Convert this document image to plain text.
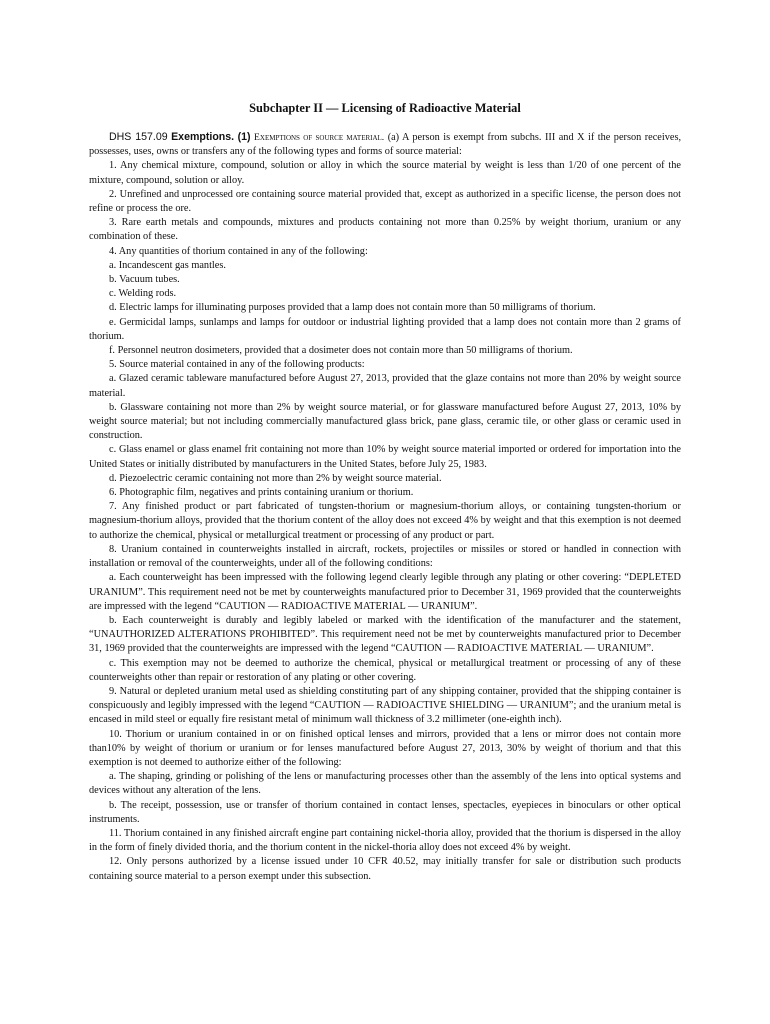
Subchapter II — Licensing of Radioactive Material

DHS 157.09 Exemptions. (1) Exemptions of source material. (a) A person is exempt from subchs. III and X if the person receives, possesses, uses, owns or transfers any of the following types and forms of source material:

1. Any chemical mixture, compound, solution or alloy in which the source material by weight is less than 1/20 of one percent of the mixture, compound, solution or alloy.

2. Unrefined and unprocessed ore containing source material provided that, except as authorized in a specific license, the person does not refine or process the ore.

3. Rare earth metals and compounds, mixtures and products containing not more than 0.25% by weight thorium, uranium or any combination of these.

4. Any quantities of thorium contained in any of the following:

a. Incandescent gas mantles.

b. Vacuum tubes.

c. Welding rods.

d. Electric lamps for illuminating purposes provided that a lamp does not contain more than 50 milligrams of thorium.

e. Germicidal lamps, sunlamps and lamps for outdoor or industrial lighting provided that a lamp does not contain more than 2 grams of thorium.

f. Personnel neutron dosimeters, provided that a dosimeter does not contain more than 50 milligrams of thorium.

5. Source material contained in any of the following products:

a. Glazed ceramic tableware manufactured before August 27, 2013, provided that the glaze contains not more than 20% by weight source material.

b. Glassware containing not more than 2% by weight source material, or for glassware manufactured before August 27, 2013, 10% by weight source material; but not including commercially manufactured glass brick, pane glass, ceramic tile, or other glass or ceramic used in construction.

c. Glass enamel or glass enamel frit containing not more than 10% by weight source material imported or ordered for importation into the United States or initially distributed by manufacturers in the United States, before July 25, 1983.

d. Piezoelectric ceramic containing not more than 2% by weight source material.

6. Photographic film, negatives and prints containing uranium or thorium.

7. Any finished product or part fabricated of tungsten-thorium or magnesium-thorium alloys, or containing tungsten-thorium or magnesium-thorium alloys, provided that the thorium content of the alloy does not exceed 4% by weight and that this exemption is not deemed to authorize the chemical, physical or metallurgical treatment or processing of any product or part.

8. Uranium contained in counterweights installed in aircraft, rockets, projectiles or missiles or stored or handled in connection with installation or removal of the counterweights, under all of the following conditions:

a. Each counterweight has been impressed with the following legend clearly legible through any plating or other covering: “DEPLETED URANIUM”. This requirement need not be met by counterweights manufactured prior to December 31, 1969 provided that the counterweights are impressed with the legend “CAUTION — RADIOACTIVE MATERIAL — URANIUM”.

b. Each counterweight is durably and legibly labeled or marked with the identification of the manufacturer and the statement, “UNAUTHORIZED ALTERATIONS PROHIBITED”. This requirement need not be met by counterweights manufactured prior to December 31, 1969 provided that the counterweights are impressed with the legend “CAUTION — RADIOACTIVE MATERIAL — URANIUM”.

c. This exemption may not be deemed to authorize the chemical, physical or metallurgical treatment or processing of any of these counterweights other than repair or restoration of any plating or other covering.

9. Natural or depleted uranium metal used as shielding constituting part of any shipping container, provided that the shipping container is conspicuously and legibly impressed with the legend “CAUTION — RADIOACTIVE SHIELDING — URANIUM”; and the uranium metal is encased in mild steel or equally fire resistant metal of minimum wall thickness of 3.2 millimeter (one-eighth inch).

10. Thorium or uranium contained in or on finished optical lenses and mirrors, provided that a lens or mirror does not contain more than10% by weight of thorium or uranium or for lenses manufactured before August 27, 2013, 30% by weight of thorium and that this exemption is not deemed to authorize either of the following:

a. The shaping, grinding or polishing of the lens or manufacturing processes other than the assembly of the lens into optical systems and devices without any alteration of the lens.

b. The receipt, possession, use or transfer of thorium contained in contact lenses, spectacles, eyepieces in binoculars or other optical instruments.

11. Thorium contained in any finished aircraft engine part containing nickel-thoria alloy, provided that the thorium is dispersed in the alloy in the form of finely divided thoria, and the thorium content in the nickel-thoria alloy does not exceed 4% by weight.

12. Only persons authorized by a license issued under 10 CFR 40.52, may initially transfer for sale or distribution such products containing source material to a person exempt under this subsection.
